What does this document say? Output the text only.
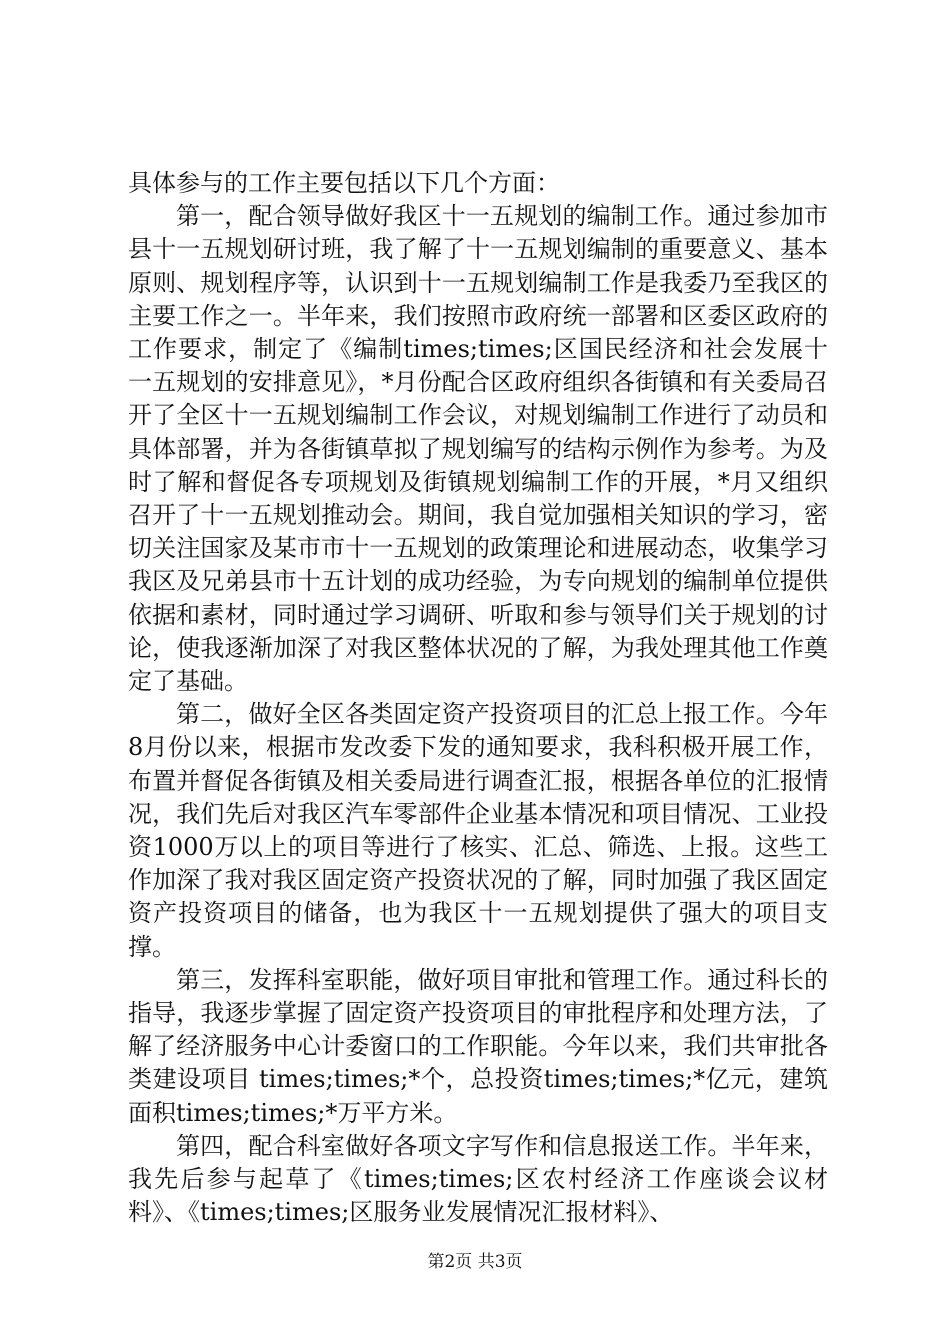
具体参与的工作主要包括以下几个方面：

第一，配合领导做好我区十一五规划的编制工作。通过参加市县十一五规划研讨班，我了解了十一五规划编制的重要意义、基本原则、规划程序等，认识到十一五规划编制工作是我委乃至我区的主要工作之一。半年来，我们按照市政府统一部署和区委区政府的工作要求，制定了《编制times;times;区国民经济和社会发展十一五规划的安排意见》，*月份配合区政府组织各街镇和有关委局召开了全区十一五规划编制工作会议，对规划编制工作进行了动员和具体部署，并为各街镇草拟了规划编写的结构示例作为参考。为及时了解和督促各专项规划及街镇规划编制工作的开展，*月又组织召开了十一五规划推动会。期间，我自觉加强相关知识的学习，密切关注国家及某市市十一五规划的政策理论和进展动态，收集学习我区及兄弟县市十五计划的成功经验，为专向规划的编制单位提供依据和素材，同时通过学习调研、听取和参与领导们关于规划的讨论，使我逐渐加深了对我区整体状况的了解，为我处理其他工作奠定了基础。

第二，做好全区各类固定资产投资项目的汇总上报工作。今年8月份以来，根据市发改委下发的通知要求，我科积极开展工作，布置并督促各街镇及相关委局进行调查汇报，根据各单位的汇报情况，我们先后对我区汽车零部件企业基本情况和项目情况、工业投资1000万以上的项目等进行了核实、汇总、筛选、上报。这些工作加深了我对我区固定资产投资状况的了解，同时加强了我区固定资产投资项目的储备，也为我区十一五规划提供了强大的项目支撑。

第三，发挥科室职能，做好项目审批和管理工作。通过科长的指导，我逐步掌握了固定资产投资项目的审批程序和处理方法，了解了经济服务中心计委窗口的工作职能。今年以来，我们共审批各类建设项目 times;times;*个，总投资times;times;*亿元，建筑面积times;times;*万平方米。

第四，配合科室做好各项文字写作和信息报送工作。半年来，我先后参与起草了《times;times;区农村经济工作座谈会议材料》、《times;times;区服务业发展情况汇报材料》、

第2页 共3页
